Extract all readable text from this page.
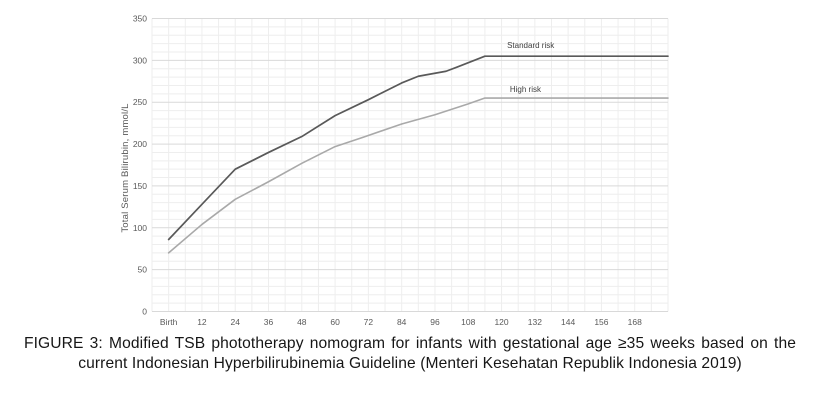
0
50
100
150
200
250
300
350
Birth 12	24	36	48	60	72	84	96	108 120 132 144 156 168
Total Serum Bilirubin, mmol/L
Standard risk
High risk

FIGURE 3: Modified TSB phototherapy nomogram for infants with gestational age ≥35 weeks based on the current Indonesian Hyperbilirubinemia Guideline (Menteri Kesehatan Republik Indonesia 2019)
